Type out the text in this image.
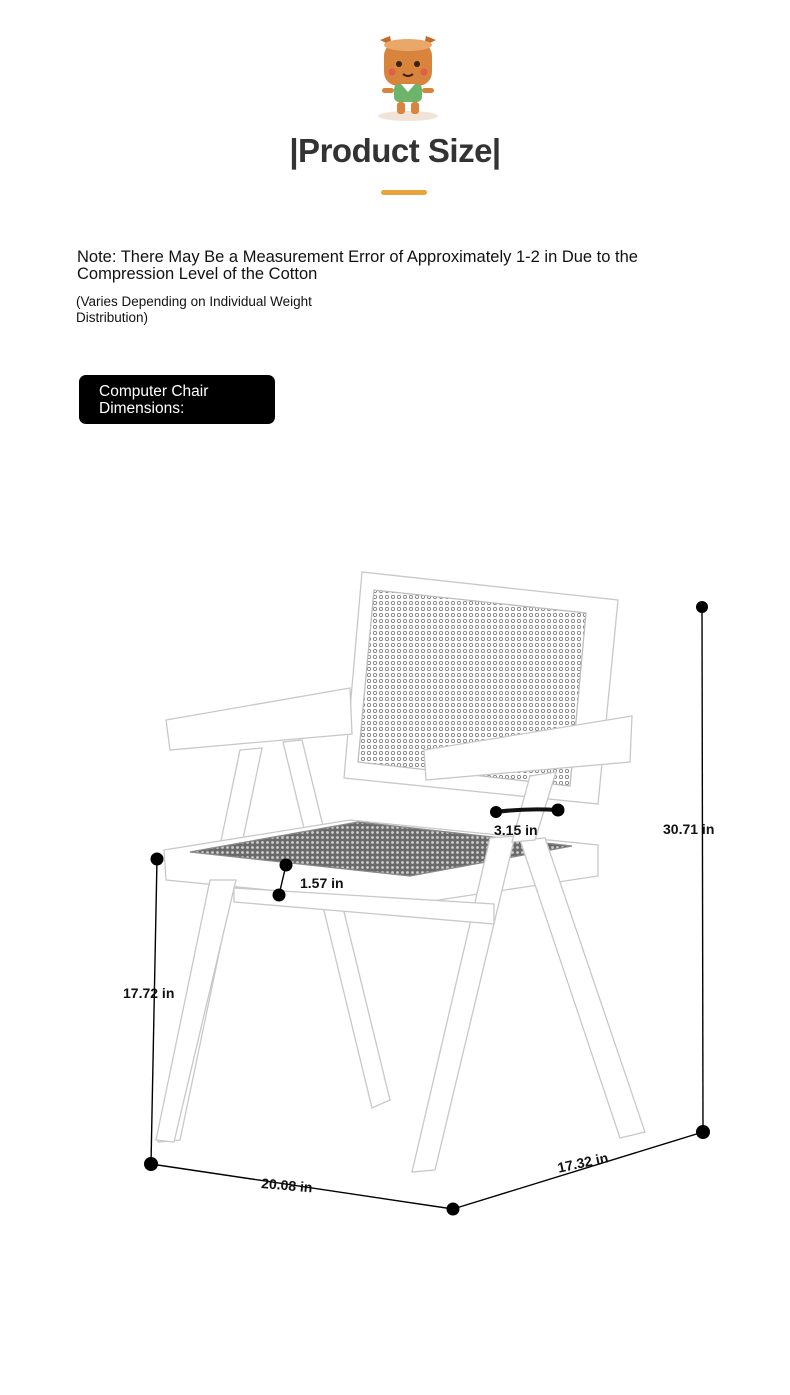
|Product Size|
Note: There May Be a Measurement Error of Approximately 1-2 in Due to the Compression Level of the Cotton
(Varies Depending on Individual Weight Distribution)
Computer Chair Dimensions:
3.15 in	30.71 in
1.57 in
17.72 in
20.08 in
17.32 in
